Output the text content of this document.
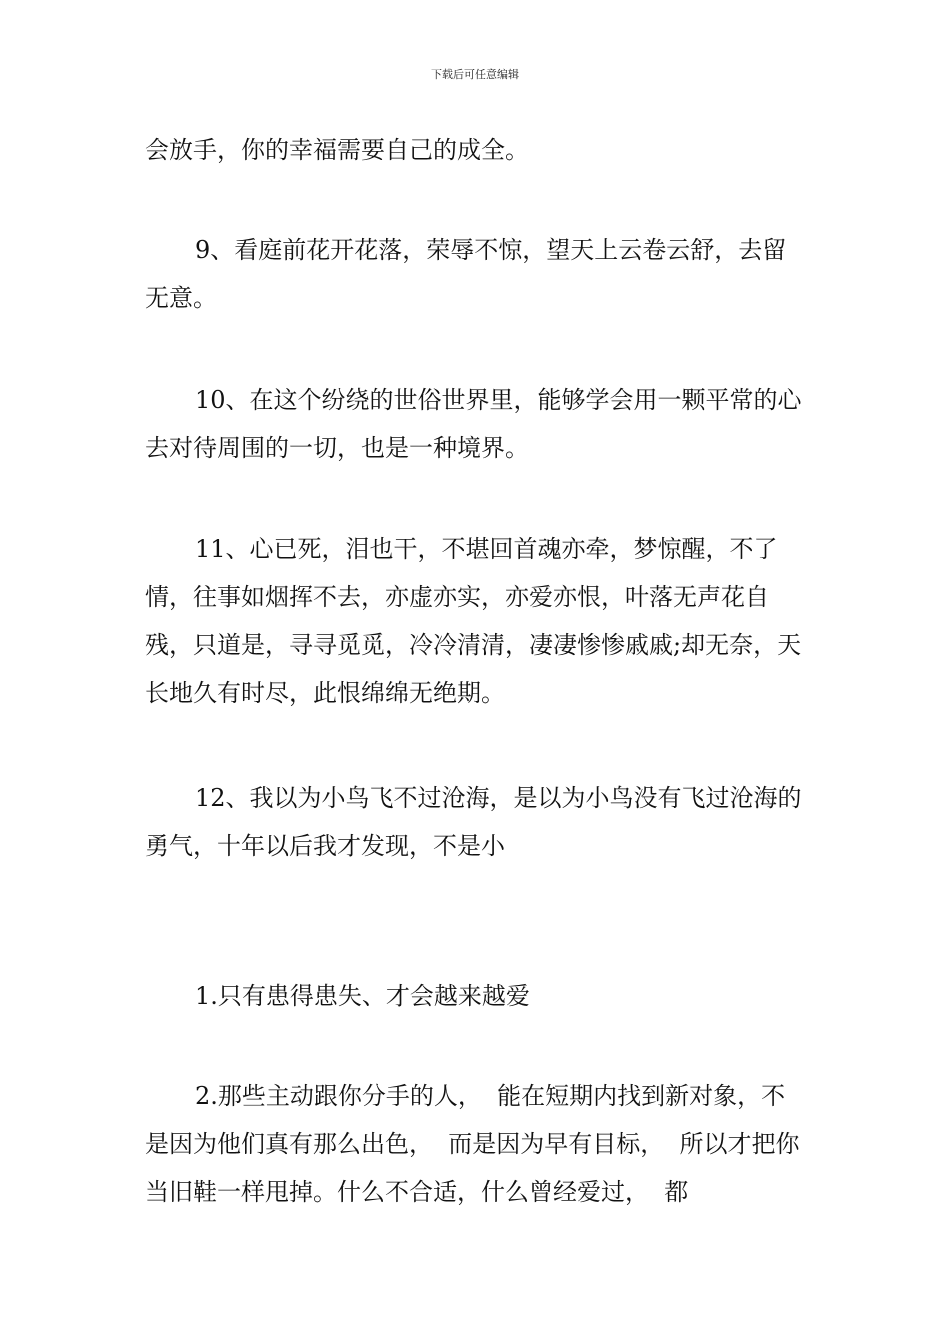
下载后可任意编辑

会放手，你的幸福需要自己的成全。

9、看庭前花开花落，荣辱不惊，望天上云卷云舒，去留无意。

10、在这个纷绕的世俗世界里，能够学会用一颗平常的心去对待周围的一切，也是一种境界。

11、心已死，泪也干，不堪回首魂亦牵，梦惊醒，不了情，往事如烟挥不去，亦虚亦实，亦爱亦恨，叶落无声花自残，只道是，寻寻觅觅，冷冷清清，凄凄惨惨戚戚;却无奈，天长地久有时尽，此恨绵绵无绝期。

12、我以为小鸟飞不过沧海，是以为小鸟没有飞过沧海的勇气，十年以后我才发现，不是小

1.只有患得患失、才会越来越爱

2.那些主动跟你分手的人，  能在短期内找到新对象，不是因为他们真有那么出色，  而是因为早有目标，  所以才把你当旧鞋一样甩掉。什么不合适，什么曾经爱过，  都
